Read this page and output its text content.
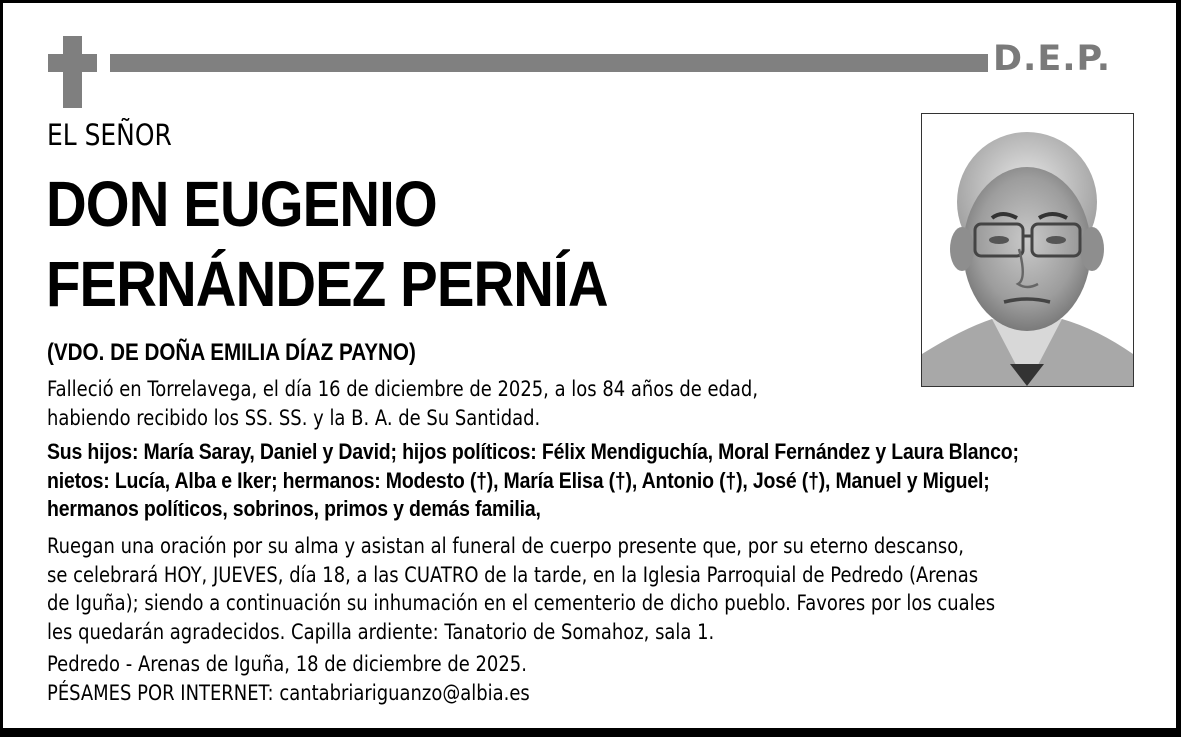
D.E.P.
EL SEÑOR
DON EUGENIO
FERNÁNDEZ PERNÍA
(VDO. DE DOÑA EMILIA DÍAZ PAYNO)
Falleció en Torrelavega, el día 16 de diciembre de 2025, a los 84 años de edad,
habiendo recibido los SS. SS. y la B. A. de Su Santidad.
Sus hijos: María Saray, Daniel y David; hijos políticos: Félix Mendiguchía, Moral Fernández y Laura Blanco;
nietos: Lucía, Alba e Iker; hermanos: Modesto (†), María Elisa (†), Antonio (†), José (†), Manuel y Miguel;
hermanos políticos, sobrinos, primos y demás familia,
Ruegan una oración por su alma y asistan al funeral de cuerpo presente que, por su eterno descanso,
se celebrará HOY, JUEVES, día 18, a las CUATRO de la tarde, en la Iglesia Parroquial de Pedredo (Arenas
de Iguña); siendo a continuación su inhumación en el cementerio de dicho pueblo. Favores por los cuales
les quedarán agradecidos. Capilla ardiente: Tanatorio de Somahoz, sala 1.
Pedredo - Arenas de Iguña, 18 de diciembre de 2025.
PÉSAMES POR INTERNET: cantabriariguanzo@albia.es
